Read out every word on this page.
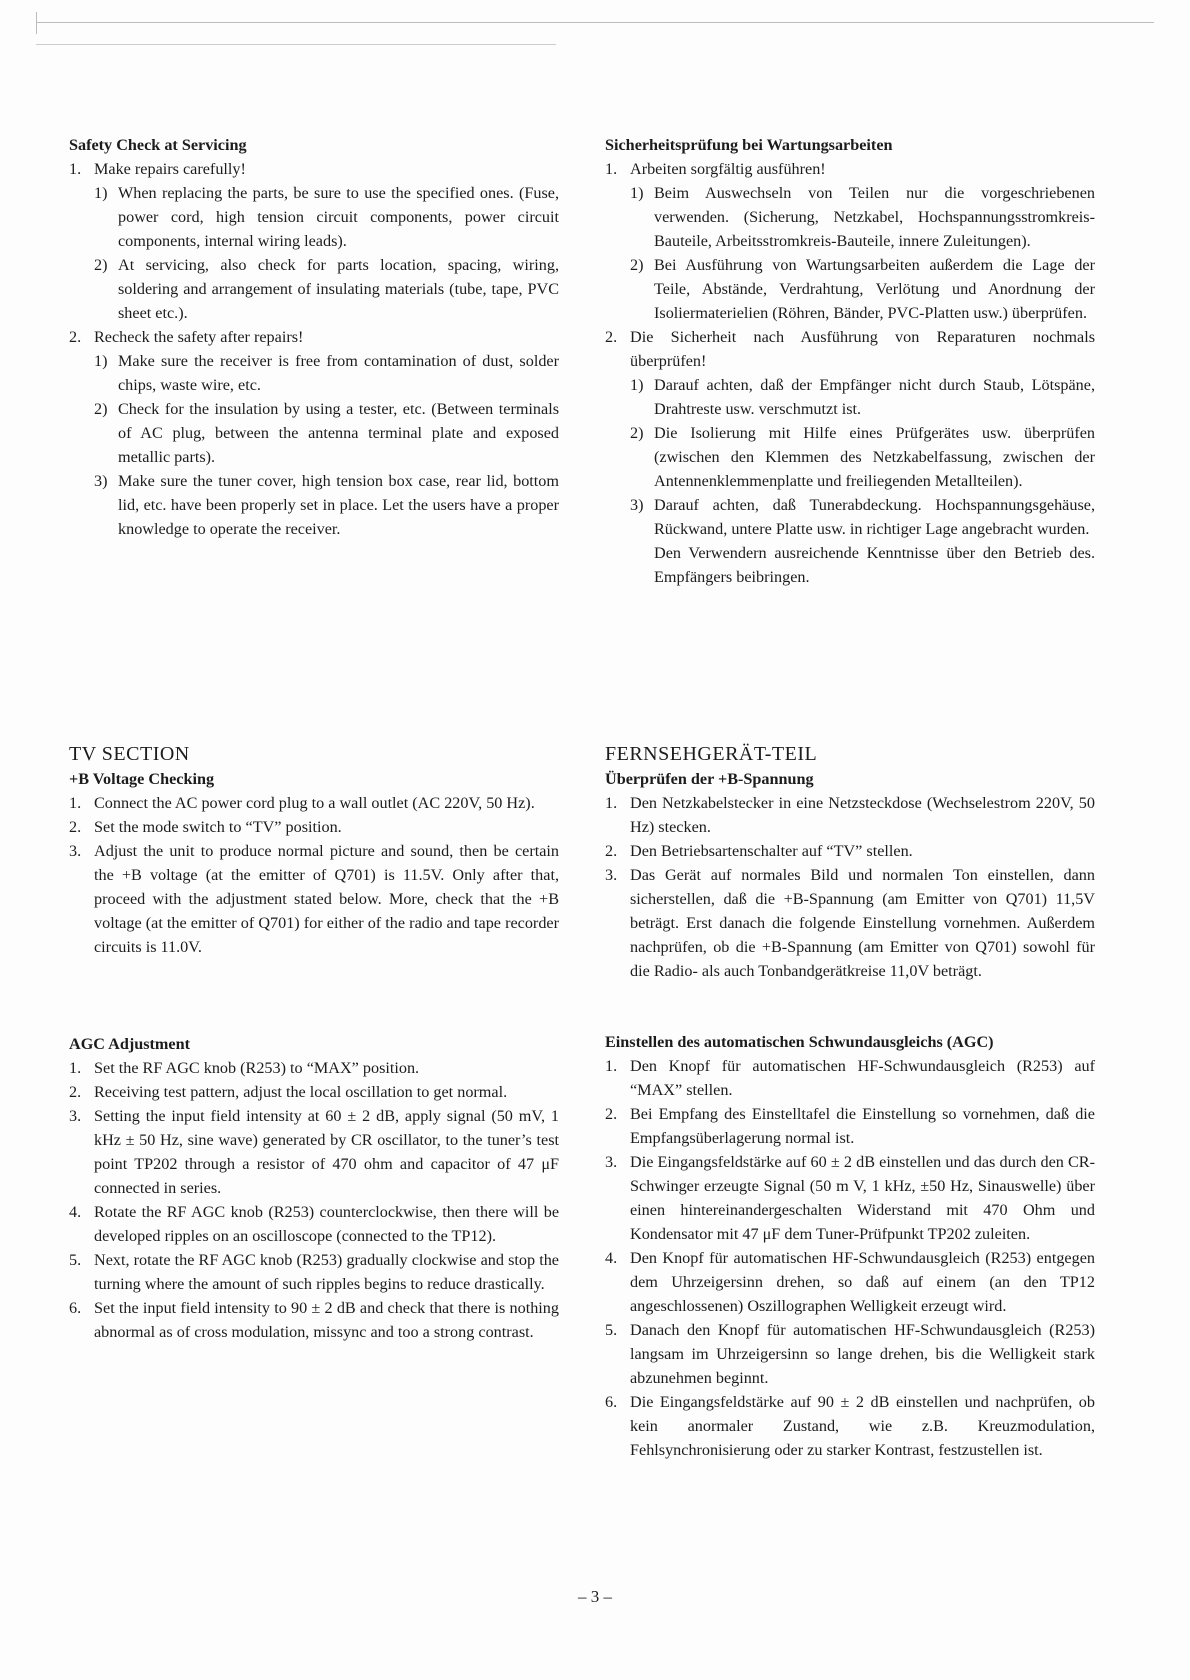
Safety Check at Servicing
1. Make repairs carefully!
1) When replacing the parts, be sure to use the specified ones. (Fuse, power cord, high tension circuit components, power circuit components, internal wiring leads).
2) At servicing, also check for parts location, spacing, wiring, soldering and arrangement of insulating materials (tube, tape, PVC sheet etc.).
2. Recheck the safety after repairs!
1) Make sure the receiver is free from contamination of dust, solder chips, waste wire, etc.
2) Check for the insulation by using a tester, etc. (Between terminals of AC plug, between the antenna terminal plate and exposed metallic parts).
3) Make sure the tuner cover, high tension box case, rear lid, bottom lid, etc. have been properly set in place. Let the users have a proper knowledge to operate the receiver.
Sicherheitsprüfung bei Wartungsarbeiten
1. Arbeiten sorgfältig ausführen!
1) Beim Auswechseln von Teilen nur die vorgeschriebenen verwenden. (Sicherung, Netzkabel, Hochspannungsstromkreis-Bauteile, Arbeitsstromkreis-Bauteile, innere Zuleitungen).
2) Bei Ausführung von Wartungsarbeiten außerdem die Lage der Teile, Abstände, Verdrahtung, Verlötung und Anordnung der Isoliermaterielien (Röhren, Bänder, PVC-Platten usw.) überprüfen.
2. Die Sicherheit nach Ausführung von Reparaturen nochmals überprüfen!
1) Darauf achten, daß der Empfänger nicht durch Staub, Lötspäne, Drahtreste usw. verschmutzt ist.
2) Die Isolierung mit Hilfe eines Prüfgerätes usw. überprüfen (zwischen den Klemmen des Netzkabelfassung, zwischen der Antennenklemmenplatte und freiliegenden Metallteilen).
3) Darauf achten, daß Tunerabdeckung. Hochspannungsgehäuse, Rückwand, untere Platte usw. in richtiger Lage angebracht wurden.
Den Verwendern ausreichende Kenntnisse über den Betrieb des. Empfängers beibringen.
TV SECTION
+B Voltage Checking
1. Connect the AC power cord plug to a wall outlet (AC 220V, 50 Hz).
2. Set the mode switch to “TV” position.
3. Adjust the unit to produce normal picture and sound, then be certain the +B voltage (at the emitter of Q701) is 11.5V. Only after that, proceed with the adjustment stated below. More, check that the +B voltage (at the emitter of Q701) for either of the radio and tape recorder circuits is 11.0V.
FERNSEHGERÄT-TEIL
Überprüfen der +B-Spannung
1. Den Netzkabelstecker in eine Netzsteckdose (Wechselestrom 220V, 50 Hz) stecken.
2. Den Betriebsartenschalter auf “TV” stellen.
3. Das Gerät auf normales Bild und normalen Ton einstellen, dann sicherstellen, daß die +B-Spannung (am Emitter von Q701) 11,5V beträgt. Erst danach die folgende Einstellung vornehmen. Außerdem nachprüfen, ob die +B-Spannung (am Emitter von Q701) sowohl für die Radio- als auch Tonbandgerätkreise 11,0V beträgt.
AGC Adjustment
1. Set the RF AGC knob (R253) to “MAX” position.
2. Receiving test pattern, adjust the local oscillation to get normal.
3. Setting the input field intensity at 60 ± 2 dB, apply signal (50 mV, 1 kHz ± 50 Hz, sine wave) generated by CR oscillator, to the tuner’s test point TP202 through a resistor of 470 ohm and capacitor of 47 μF connected in series.
4. Rotate the RF AGC knob (R253) counterclockwise, then there will be developed ripples on an oscilloscope (connected to the TP12).
5. Next, rotate the RF AGC knob (R253) gradually clockwise and stop the turning where the amount of such ripples begins to reduce drastically.
6. Set the input field intensity to 90 ± 2 dB and check that there is nothing abnormal as of cross modulation, missync and too a strong contrast.
Einstellen des automatischen Schwundausgleichs (AGC)
1. Den Knopf für automatischen HF-Schwundausgleich (R253) auf “MAX” stellen.
2. Bei Empfang des Einstelltafel die Einstellung so vornehmen, daß die Empfangsüberlagerung normal ist.
3. Die Eingangsfeldstärke auf 60 ± 2 dB einstellen und das durch den CR-Schwinger erzeugte Signal (50 m V, 1 kHz, ±50 Hz, Sinauswelle) über einen hintereinandergeschalten Widerstand mit 470 Ohm und Kondensator mit 47 μF dem Tuner-Prüfpunkt TP202 zuleiten.
4. Den Knopf für automatischen HF-Schwundausgleich (R253) entgegen dem Uhrzeigersinn drehen, so daß auf einem (an den TP12 angeschlossenen) Oszillographen Welligkeit erzeugt wird.
5. Danach den Knopf für automatischen HF-Schwundausgleich (R253) langsam im Uhrzeigersinn so lange drehen, bis die Welligkeit stark abzunehmen beginnt.
6. Die Eingangsfeldstärke auf 90 ± 2 dB einstellen und nachprüfen, ob kein anormaler Zustand, wie z.B. Kreuzmodulation, Fehlsynchronisierung oder zu starker Kontrast, festzustellen ist.
– 3 –
